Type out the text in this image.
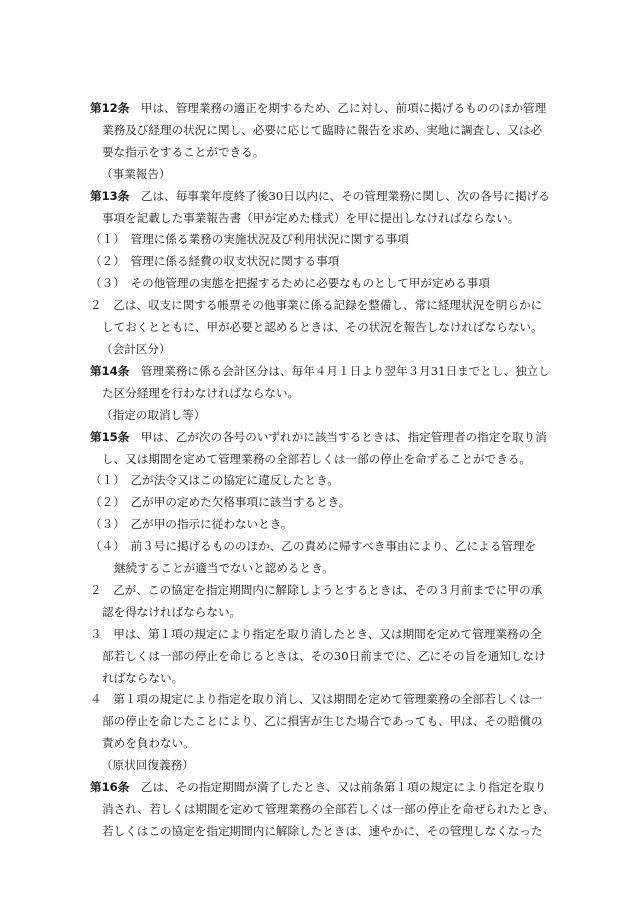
第12条　甲は、管理業務の適正を期するため、乙に対し、前項に掲げるもののほか管理
業務及び経理の状況に関し、必要に応じて臨時に報告を求め、実地に調査し、又は必
要な指示をすることができる。
（事業報告）
第13条　乙は、毎事業年度終了後30日以内に、その管理業務に関し、次の各号に掲げる
事項を記載した事業報告書（甲が定めた様式）を甲に提出しなければならない。
（１）　管理に係る業務の実施状況及び利用状況に関する事項
（２）　管理に係る経費の収支状況に関する事項
（３）　その他管理の実態を把握するために必要なものとして甲が定める事項
２　乙は、収支に関する帳票その他事業に係る記録を整備し、常に経理状況を明らかに
しておくとともに、甲が必要と認めるときは、その状況を報告しなければならない。
（会計区分）
第14条　管理業務に係る会計区分は、毎年４月１日より翌年３月31日までとし、独立し
た区分経理を行わなければならない。
（指定の取消し等）
第15条　甲は、乙が次の各号のいずれかに該当するときは、指定管理者の指定を取り消
し、又は期間を定めて管理業務の全部若しくは一部の停止を命ずることができる。
（１）　乙が法令又はこの協定に違反したとき。
（２）　乙が甲の定めた欠格事項に該当するとき。
（３）　乙が甲の指示に従わないとき。
（４）　前３号に掲げるもののほか、乙の責めに帰すべき事由により、乙による管理を
継続することが適当でないと認めるとき。
２　乙が、この協定を指定期間内に解除しようとするときは、その３月前までに甲の承
認を得なければならない。
３　甲は、第１項の規定により指定を取り消したとき、又は期間を定めて管理業務の全
部若しくは一部の停止を命じるときは、その30日前までに、乙にその旨を通知しなけ
ればならない。
４　第１項の規定により指定を取り消し、又は期間を定めて管理業務の全部若しくは一
部の停止を命じたことにより、乙に損害が生じた場合であっても、甲は、その賠償の
責めを負わない。
（原状回復義務）
第16条　乙は、その指定期間が満了したとき、又は前条第１項の規定により指定を取り
消され、若しくは期間を定めて管理業務の全部若しくは一部の停止を命ぜられたとき、
若しくはこの協定を指定期間内に解除したときは、速やかに、その管理しなくなった
